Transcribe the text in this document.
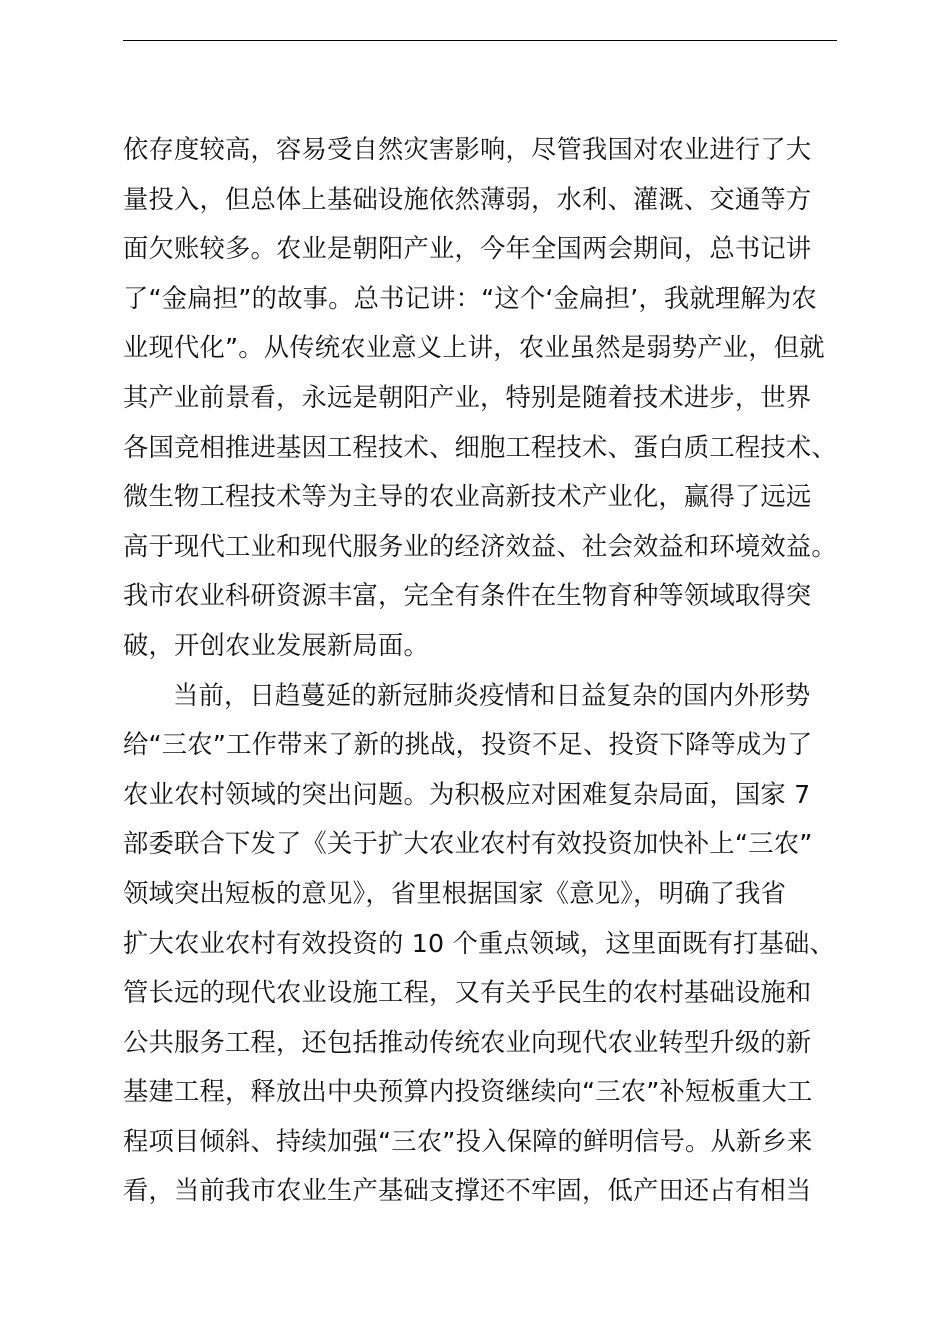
依存度较高，容易受自然灾害影响，尽管我国对农业进行了大
量投入，但总体上基础设施依然薄弱，水利、灌溉、交通等方
面欠账较多。农业是朝阳产业，今年全国两会期间，总书记讲
了“金扁担”的故事。总书记讲：“这个‘金扁担’，我就理解为农
业现代化”。从传统农业意义上讲，农业虽然是弱势产业，但就
其产业前景看，永远是朝阳产业，特别是随着技术进步，世界
各国竞相推进基因工程技术、细胞工程技术、蛋白质工程技术、
微生物工程技术等为主导的农业高新技术产业化，赢得了远远
高于现代工业和现代服务业的经济效益、社会效益和环境效益。
我市农业科研资源丰富，完全有条件在生物育种等领域取得突
破，开创农业发展新局面。
当前，日趋蔓延的新冠肺炎疫情和日益复杂的国内外形势
给“三农”工作带来了新的挑战，投资不足、投资下降等成为了
农业农村领域的突出问题。为积极应对困难复杂局面，国家 7
部委联合下发了《关于扩大农业农村有效投资加快补上“三农”
领域突出短板的意见》，省里根据国家《意见》，明确了我省
扩大农业农村有效投资的 10 个重点领域，这里面既有打基础、
管长远的现代农业设施工程，又有关乎民生的农村基础设施和
公共服务工程，还包括推动传统农业向现代农业转型升级的新
基建工程，释放出中央预算内投资继续向“三农”补短板重大工
程项目倾斜、持续加强“三农”投入保障的鲜明信号。从新乡来
看，当前我市农业生产基础支撑还不牢固，低产田还占有相当
